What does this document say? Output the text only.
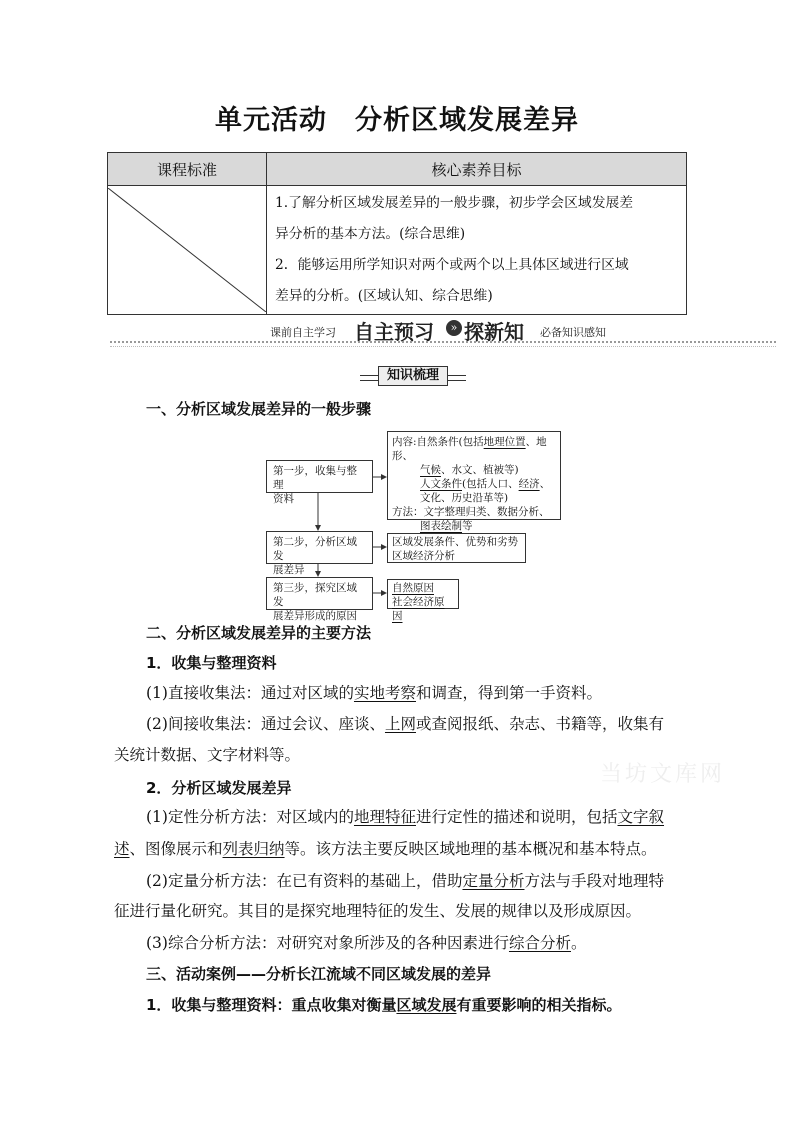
单元活动 分析区域发展差异
课程标准	核心素养目标

1.了解分析区域发展差异的一般步骤，初步学会区域发展差
异分析的基本方法。(综合思维)
2．能够运用所学知识对两个或两个以上具体区域进行区域
差异的分析。(区域认知、综合思维)
课前自主学习 自主预习	» 探新知 必备知识感知
知识梳理
一、分析区域发展差异的一般步骤
第一步，收集与整理
资料
第二步，分析区域发
展差异
第三步，探究区域发
展差异形成的原因
内容:自然条件(包括地理位置、地形、
气候、水文、植被等)
人文条件(包括人口、经济、
文化、历史沿革等)
方法：文字整理归类、数据分析、
图表绘制等
区域发展条件、优势和劣势
区域经济分析
自然原因
社会经济原因
二、分析区域发展差异的主要方法
1．收集与整理资料
(1)直接收集法：通过对区域的实地考察和调查，得到第一手资料。
(2)间接收集法：通过会议、座谈、上网或查阅报纸、杂志、书籍等，收集有
关统计数据、文字材料等。
2．分析区域发展差异
(1)定性分析方法：对区域内的地理特征进行定性的描述和说明，包括文字叙
述、图像展示和列表归纳等。该方法主要反映区域地理的基本概况和基本特点。
(2)定量分析方法：在已有资料的基础上，借助定量分析方法与手段对地理特
征进行量化研究。其目的是探究地理特征的发生、发展的规律以及形成原因。
(3)综合分析方法：对研究对象所涉及的各种因素进行综合分析。
三、活动案例——分析长江流域不同区域发展的差异
1．收集与整理资料：重点收集对衡量区域发展有重要影响的相关指标。
当坊文库网
